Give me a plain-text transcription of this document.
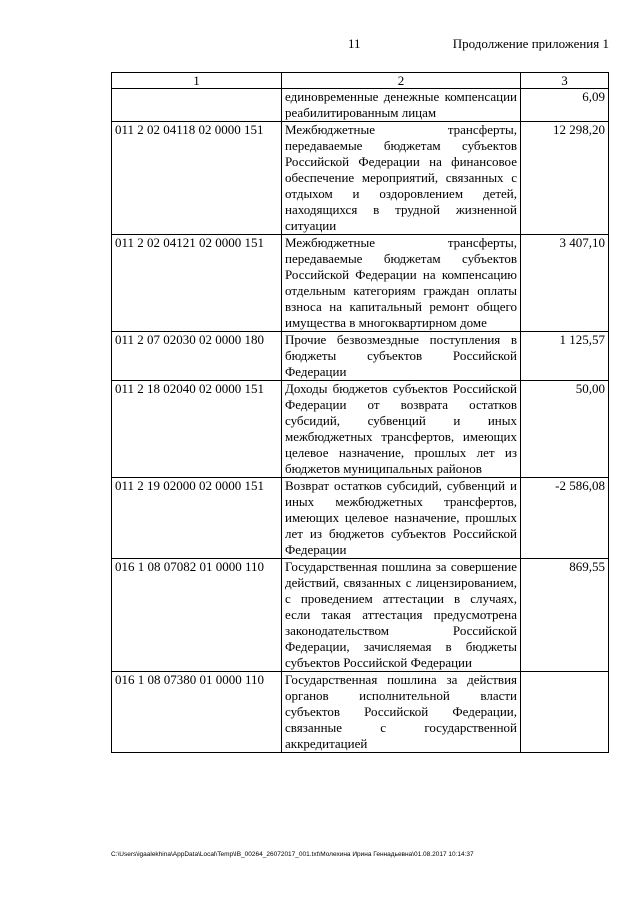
11	Продолжение приложения 1
1	2	3
	единовременные денежные компенсации реабилитированным лицам	6,09
011 2 02 04118 02 0000 151	Межбюджетные трансферты, передаваемые бюджетам субъектов Российской Федерации на финансовое обеспечение мероприятий, связанных с отдыхом и оздоровлением детей, находящихся в трудной жизненной ситуации	12 298,20
011 2 02 04121 02 0000 151	Межбюджетные трансферты, передаваемые бюджетам субъектов Российской Федерации на компенсацию отдельным категориям граждан оплаты взноса на капитальный ремонт общего имущества в многоквартирном доме	3 407,10
011 2 07 02030 02 0000 180	Прочие безвозмездные поступления в бюджеты субъектов Российской Федерации	1 125,57
011 2 18 02040 02 0000 151	Доходы бюджетов субъектов Российской Федерации от возврата остатков субсидий, субвенций и иных межбюджетных трансфертов, имеющих целевое назначение, прошлых лет из бюджетов муниципальных районов	50,00
011 2 19 02000 02 0000 151	Возврат остатков субсидий, субвенций и иных межбюджетных трансфертов, имеющих целевое назначение, прошлых лет из бюджетов субъектов Российской Федерации	-2 586,08
016 1 08 07082 01 0000 110	Государственная пошлина за совершение действий, связанных с лицензированием, с проведением аттестации в случаях, если такая аттестация предусмотрена законодательством Российской Федерации, зачисляемая в бюджеты субъектов Российской Федерации	869,55
016 1 08 07380 01 0000 110	Государственная пошлина за действия органов исполнительной власти субъектов Российской Федерации, связанные с государственной аккредитацией	
C:\Users\igaalekhina\AppData\Local\Temp\IB_00264_26072017_001.txt\Молехина Ирина Геннадьевна\01.08.2017 10:14:37
